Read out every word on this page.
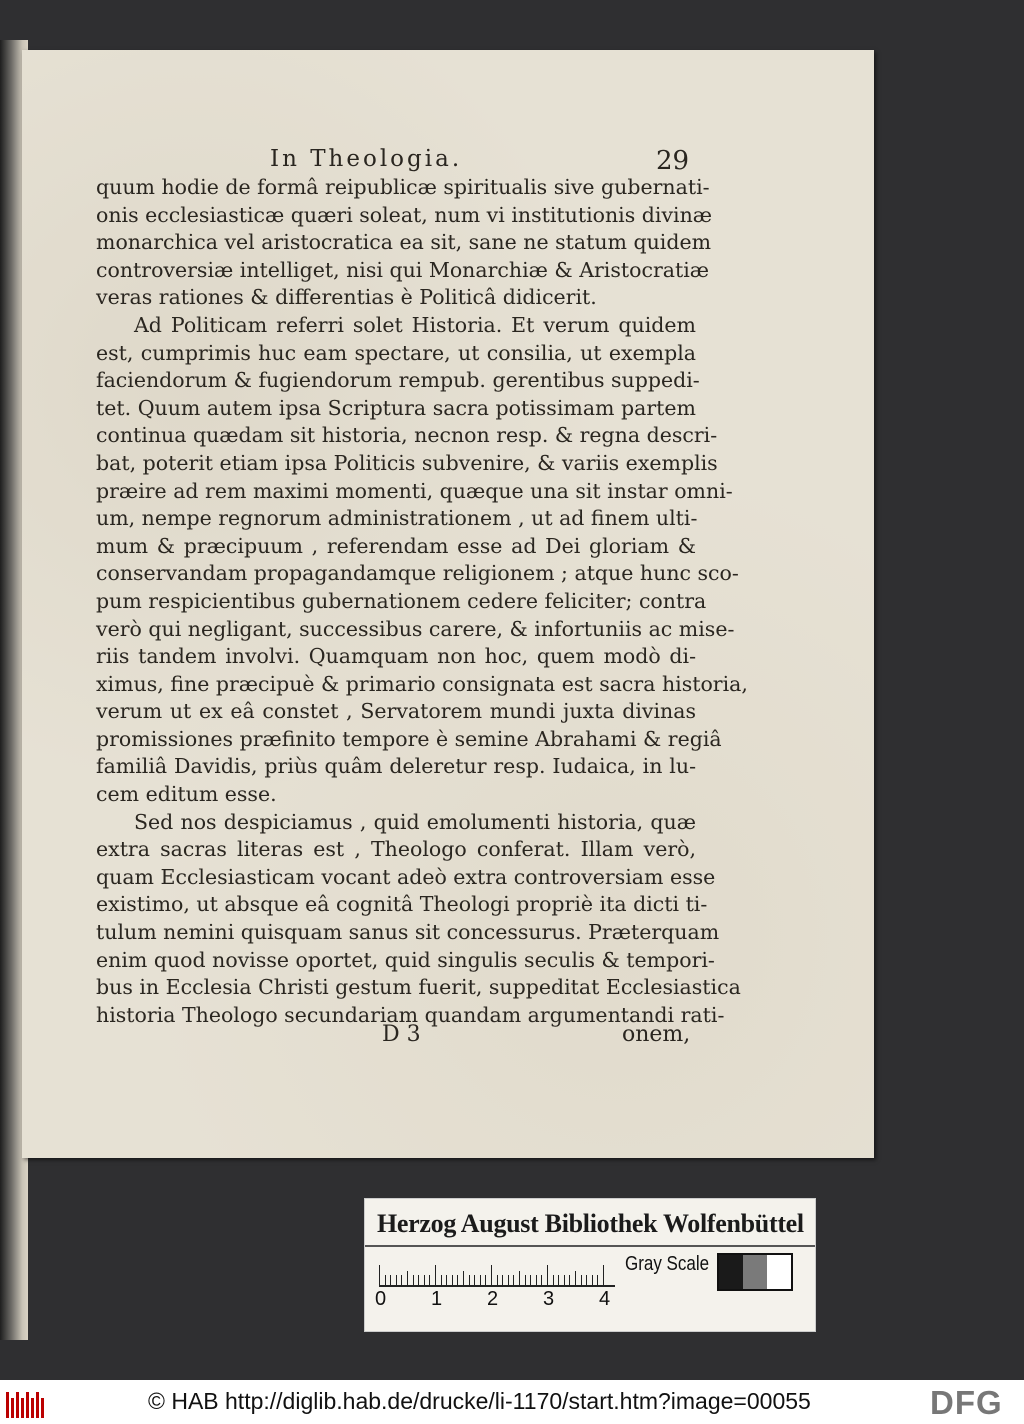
In Theologia.	29
quum hodie de formâ reipublicæ spiritualis sive gubernati-
onis ecclesiasticæ quæri soleat, num vi institutionis divinæ
monarchica vel aristocratica ea sit, sane ne statum quidem
controversiæ intelliget, nisi qui Monarchiæ & Aristocratiæ
veras rationes & differentias è Politicâ didicerit.
Ad Politicam referri solet Historia. Et verum quidem
est, cumprimis huc eam spectare, ut consilia, ut exempla
faciendorum & fugiendorum rempub. gerentibus suppedi-
tet. Quum autem ipsa Scriptura sacra potissimam partem
continua quædam sit historia, necnon resp. & regna descri-
bat, poterit etiam ipsa Politicis subvenire, & variis exemplis
præire ad rem maximi momenti, quæque una sit instar omni-
um, nempe regnorum administrationem , ut ad finem ulti-
mum & præcipuum , referendam esse ad Dei gloriam &
conservandam propagandamque religionem ; atque hunc sco-
pum respicientibus gubernationem cedere feliciter; contra
verò qui negligant, successibus carere, & infortuniis ac mise-
riis tandem involvi. Quamquam non hoc, quem modò di-
ximus, fine præcipuè & primario consignata est sacra historia,
verum ut ex eâ constet , Servatorem mundi juxta divinas
promissiones præfinito tempore è semine Abrahami & regiâ
familiâ Davidis, priùs quâm deleretur resp. Iudaica, in lu-
cem editum esse.
Sed nos despiciamus , quid emolumenti historia, quæ
extra sacras literas est , Theologo conferat. Illam verò,
quam Ecclesiasticam vocant adeò extra controversiam esse
existimo, ut absque eâ cognitâ Theologi propriè ita dicti ti-
tulum nemini quisquam sanus sit concessurus. Præterquam
enim quod novisse oportet, quid singulis seculis & tempori-
bus in Ecclesia Christi gestum fuerit, suppeditat Ecclesiastica
historia Theologo secundariam quandam argumentandi rati-
D 3	onem,
Herzog August Bibliothek Wolfenbüttel
Gray Scale
0 1 2 3 4
© HAB http://diglib.hab.de/drucke/li-1170/start.htm?image=00055	DFG
